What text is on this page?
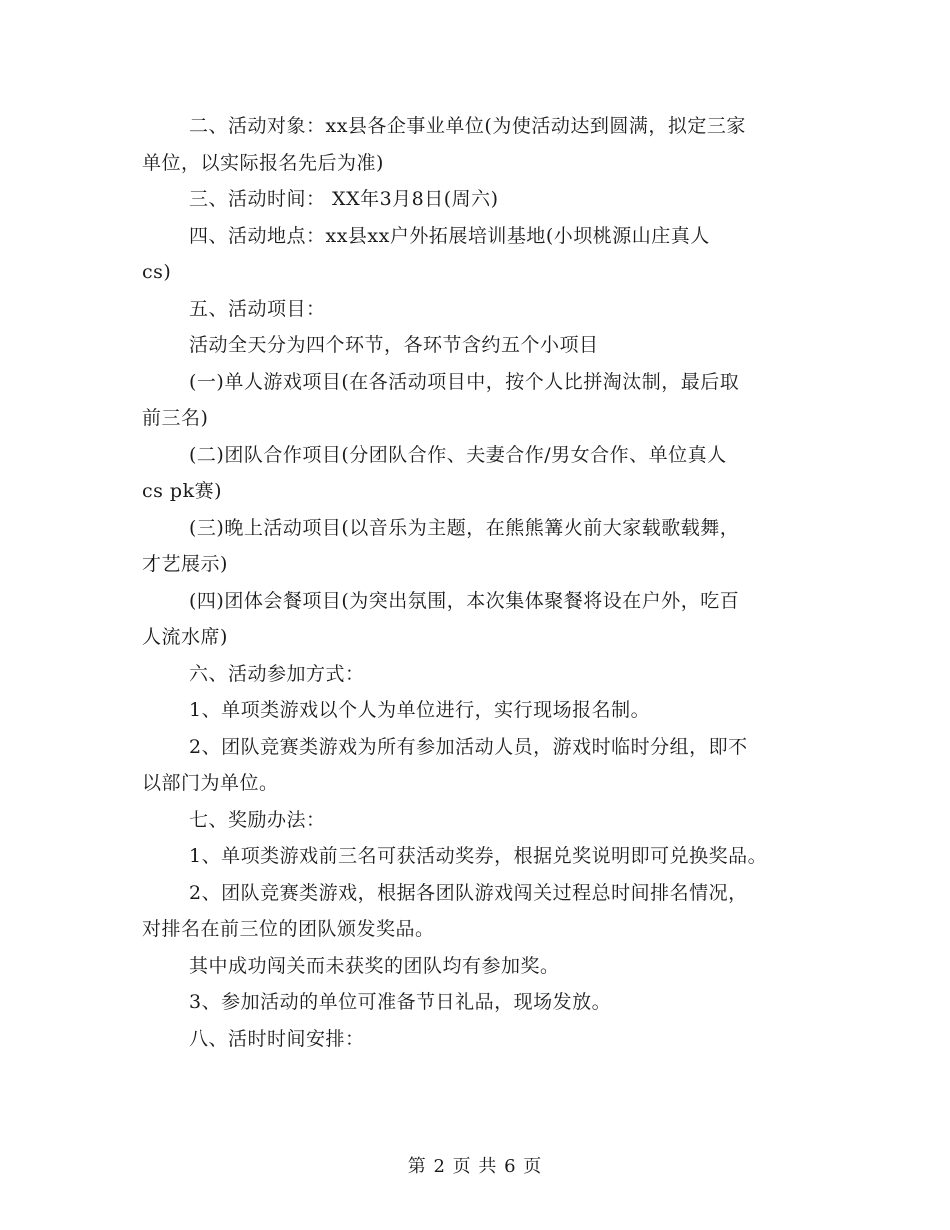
二、活动对象：xx县各企事业单位(为使活动达到圆满，拟定三家
单位，以实际报名先后为准)

三、活动时间： XX年3月8日(周六)

四、活动地点：xx县xx户外拓展培训基地(小坝桃源山庄真人
cs)

五、活动项目：

活动全天分为四个环节，各环节含约五个小项目

(一)单人游戏项目(在各活动项目中，按个人比拼淘汰制，最后取
前三名)

(二)团队合作项目(分团队合作、夫妻合作/男女合作、单位真人
cs pk赛)

(三)晚上活动项目(以音乐为主题，在熊熊篝火前大家载歌载舞，
才艺展示)

(四)团体会餐项目(为突出氛围，本次集体聚餐将设在户外，吃百
人流水席)

六、活动参加方式：

1、单项类游戏以个人为单位进行，实行现场报名制。

2、团队竞赛类游戏为所有参加活动人员，游戏时临时分组，即不
以部门为单位。

七、奖励办法：

1、单项类游戏前三名可获活动奖券，根据兑奖说明即可兑换奖品。

2、团队竞赛类游戏，根据各团队游戏闯关过程总时间排名情况，
对排名在前三位的团队颁发奖品。

其中成功闯关而未获奖的团队均有参加奖。

3、参加活动的单位可准备节日礼品，现场发放。

八、活时时间安排：

第 2 页 共 6 页
